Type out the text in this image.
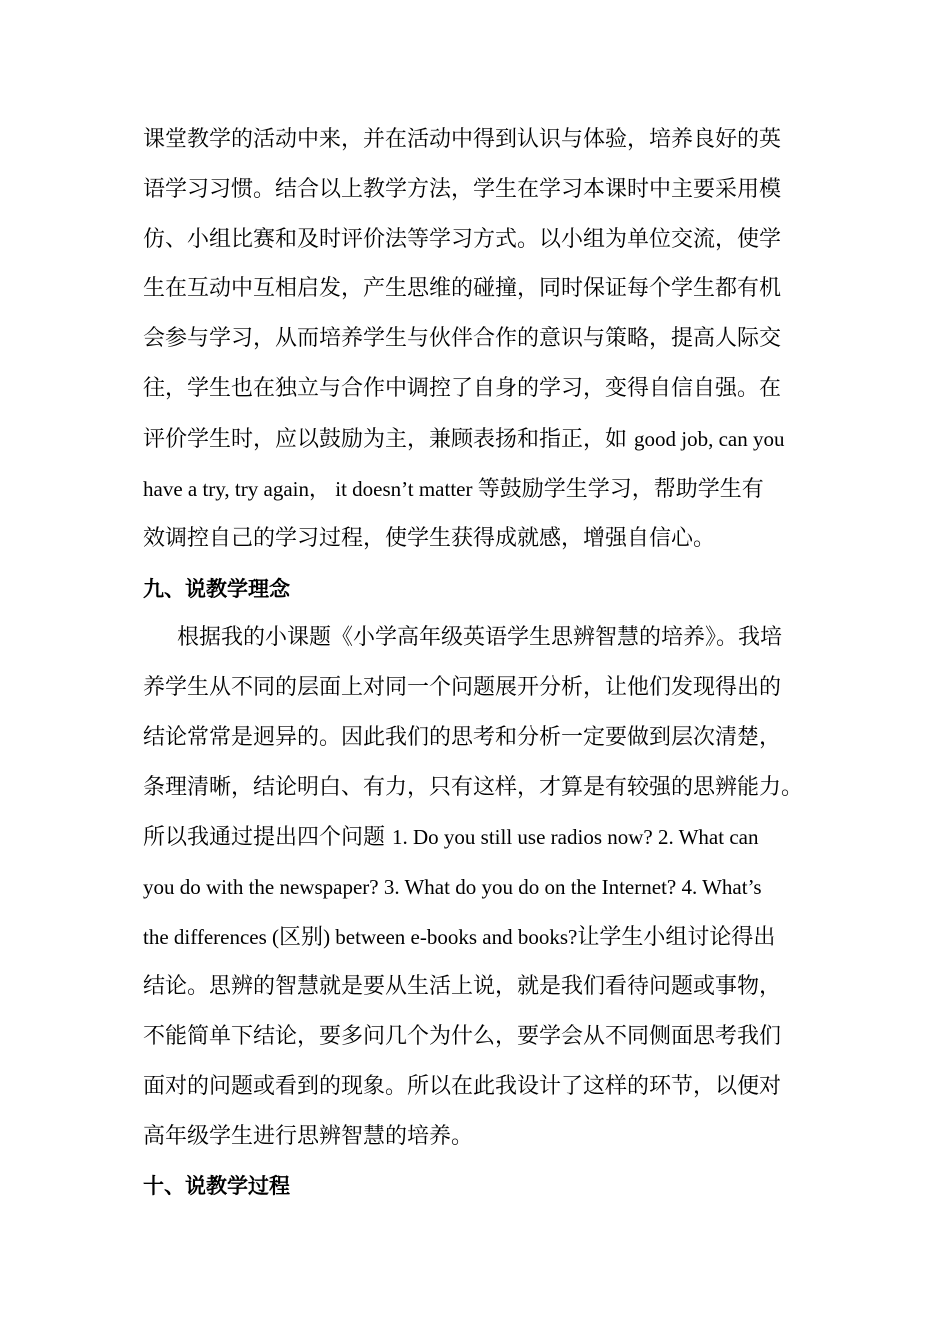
课堂教学的活动中来，并在活动中得到认识与体验，培养良好的英
语学习习惯。结合以上教学方法，学生在学习本课时中主要采用模
仿、小组比赛和及时评价法等学习方式。以小组为单位交流，使学
生在互动中互相启发，产生思维的碰撞，同时保证每个学生都有机
会参与学习，从而培养学生与伙伴合作的意识与策略，提高人际交
往，学生也在独立与合作中调控了自身的学习，变得自信自强。在
评价学生时，应以鼓励为主，兼顾表扬和指正，如 good job, can you
have a try, try again， it doesn’t matter 等鼓励学生学习，帮助学生有
效调控自己的学习过程，使学生获得成就感，增强自信心。
九、说教学理念
根据我的小课题《小学高年级英语学生思辨智慧的培养》。我培
养学生从不同的层面上对同一个问题展开分析，让他们发现得出的
结论常常是迥异的。因此我们的思考和分析一定要做到层次清楚，
条理清晰，结论明白、有力，只有这样，才算是有较强的思辨能力。
所以我通过提出四个问题 1. Do you still use radios now? 2. What can
you do with the newspaper? 3. What do you do on the Internet? 4. What’s
the differences (区别) between e-books and books?让学生小组讨论得出
结论。思辨的智慧就是要从生活上说，就是我们看待问题或事物，
不能简单下结论，要多问几个为什么，要学会从不同侧面思考我们
面对的问题或看到的现象。所以在此我设计了这样的环节，以便对
高年级学生进行思辨智慧的培养。
十、说教学过程
